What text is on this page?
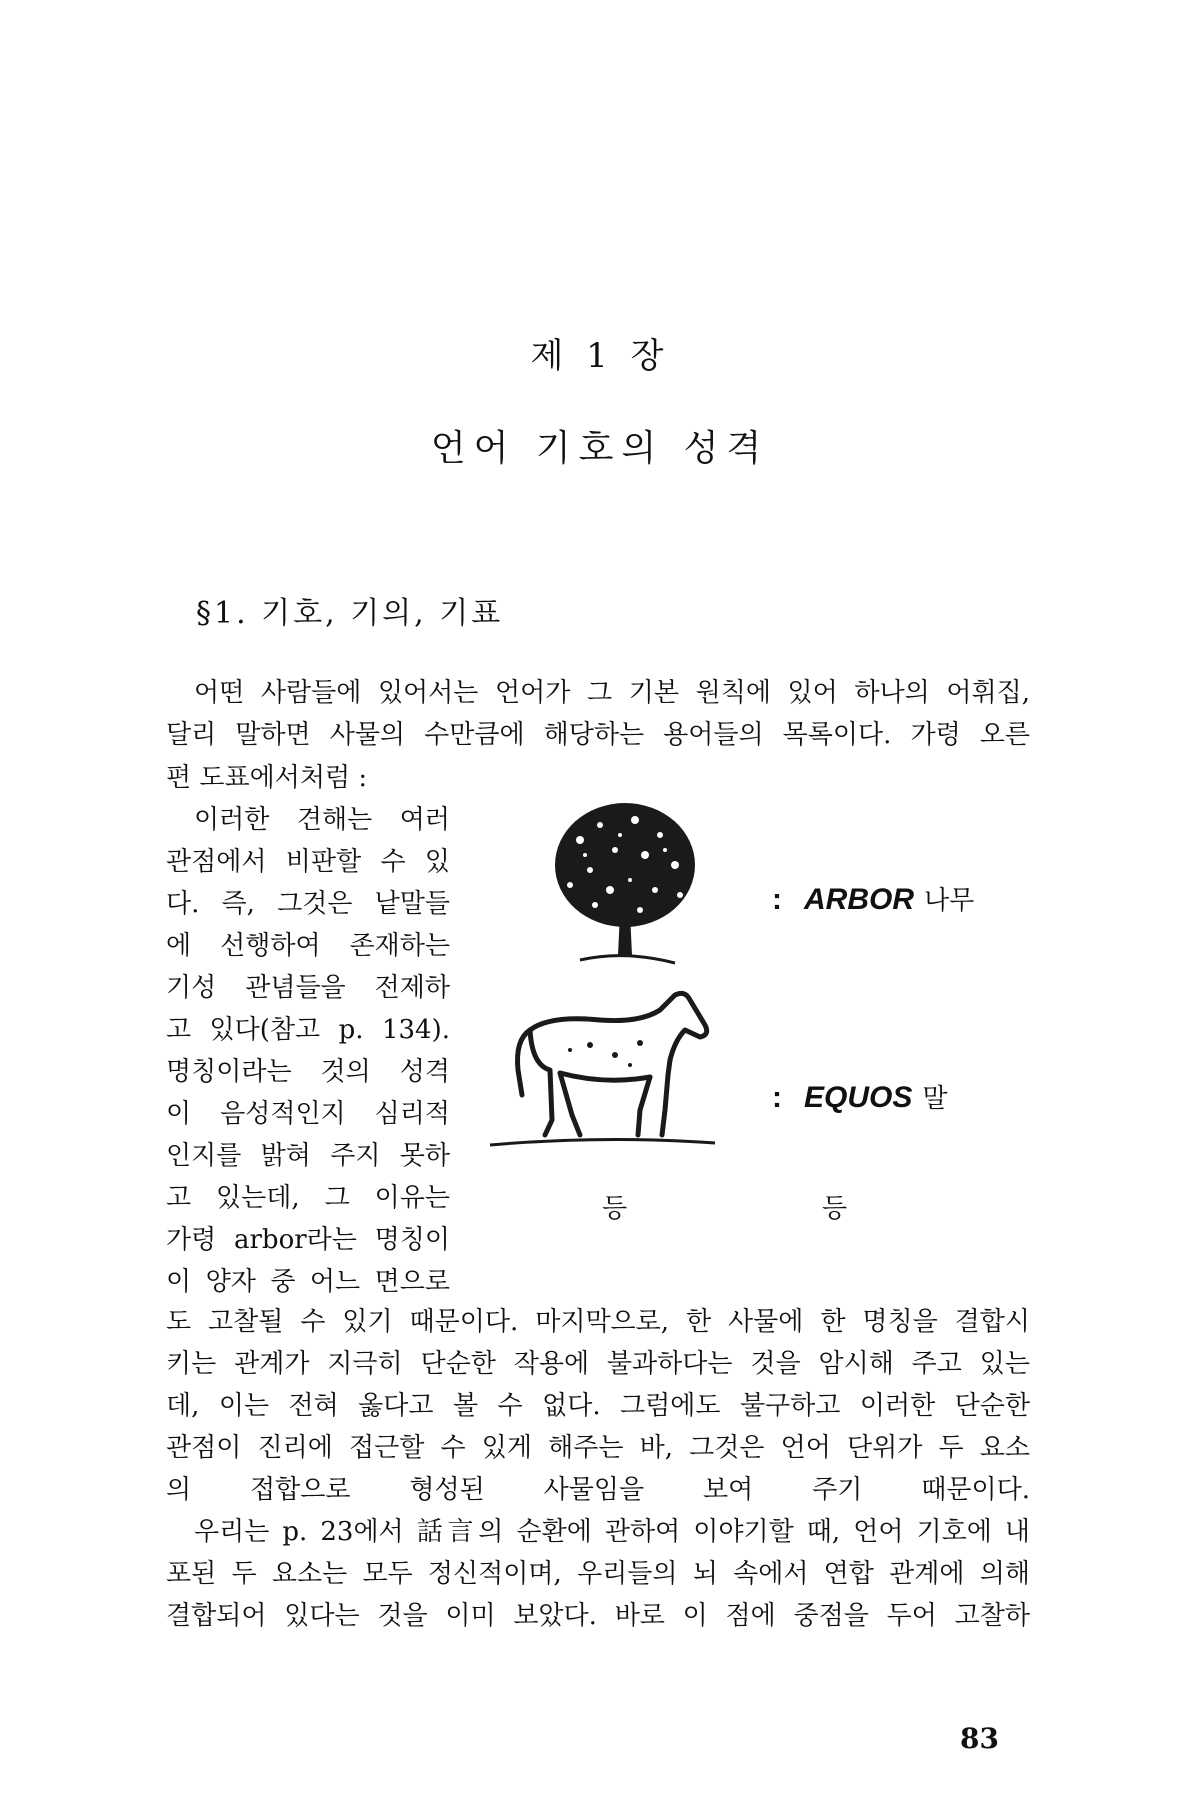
제 1 장
언어 기호의 성격
§1. 기호, 기의, 기표
어떤 사람들에 있어서는 언어가 그 기본 원칙에 있어 하나의 어휘집,
달리 말하면 사물의 수만큼에 해당하는 용어들의 목록이다. 가령 오른
편 도표에서처럼 :
이러한 견해는 여러
관점에서 비판할 수 있
다. 즉, 그것은 낱말들
에 선행하여 존재하는
기성 관념들을 전제하
고 있다(참고 p. 134).
명칭이라는 것의 성격
이 음성적인지 심리적
인지를 밝혀 주지 못하
고 있는데, 그 이유는
가령 arbor라는 명칭이
이 양자 중 어느 면으로
: ARBOR 나무
: EQUOS 말
등	등
도 고찰될 수 있기 때문이다. 마지막으로, 한 사물에 한 명칭을 결합시
키는 관계가 지극히 단순한 작용에 불과하다는 것을 암시해 주고 있는
데, 이는 전혀 옳다고 볼 수 없다. 그럼에도 불구하고 이러한 단순한
관점이 진리에 접근할 수 있게 해주는 바, 그것은 언어 단위가 두 요소
의 접합으로 형성된 사물임을 보여 주기 때문이다.
우리는 p. 23에서 話言의 순환에 관하여 이야기할 때, 언어 기호에 내
포된 두 요소는 모두 정신적이며, 우리들의 뇌 속에서 연합 관계에 의해
결합되어 있다는 것을 이미 보았다. 바로 이 점에 중점을 두어 고찰하
83
